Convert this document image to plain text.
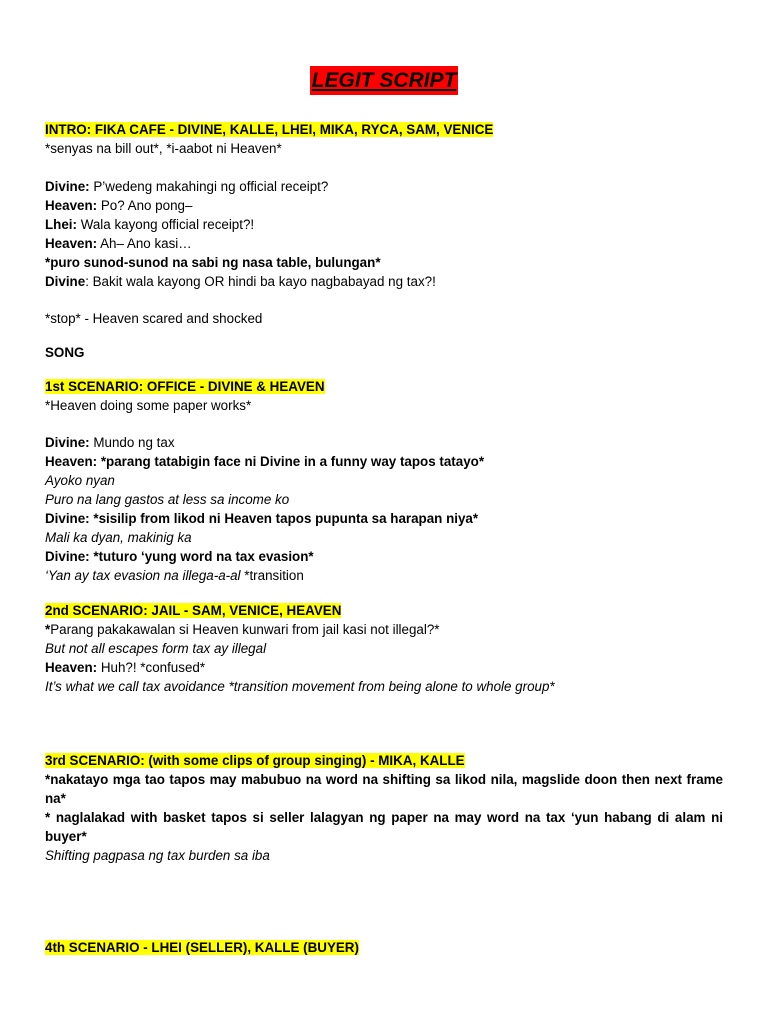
LEGIT SCRIPT
INTRO: FIKA CAFE - DIVINE, KALLE, LHEI, MIKA, RYCA, SAM, VENICE
*senyas na bill out*, *i-aabot ni Heaven*
Divine: P’wedeng makahingi ng official receipt?
Heaven: Po? Ano pong–
Lhei: Wala kayong official receipt?!
Heaven: Ah– Ano kasi…
*puro sunod-sunod na sabi ng nasa table, bulungan*
Divine: Bakit wala kayong OR hindi ba kayo nagbabayad ng tax?!
*stop* - Heaven scared and shocked
SONG
1st SCENARIO: OFFICE - DIVINE & HEAVEN
*Heaven doing some paper works*
Divine: Mundo ng tax
Heaven: *parang tatabigin face ni Divine in a funny way tapos tatayo*
Ayoko nyan
Puro na lang gastos at less sa income ko
Divine: *sisilip from likod ni Heaven tapos pupunta sa harapan niya*
Mali ka dyan, makinig ka
Divine: *tuturo ‘yung word na tax evasion*
‘Yan ay tax evasion na illega-a-al *transition
2nd SCENARIO: JAIL - SAM, VENICE, HEAVEN
*Parang pakakawalan si Heaven kunwari from jail kasi not illegal?*
But not all escapes form tax ay illegal
Heaven: Huh?! *confused*
It’s what we call tax avoidance *transition movement from being alone to whole group*
3rd SCENARIO: (with some clips of group singing) - MIKA, KALLE
*nakatayo mga tao tapos may mabubuo na word na shifting sa likod nila, magslide doon then next frame na*
* naglalakad with basket tapos si seller lalagyan ng paper na may word na tax ‘yun habang di alam ni buyer*
Shifting pagpasa ng tax burden sa iba
4th SCENARIO - LHEI (SELLER), KALLE (BUYER)
